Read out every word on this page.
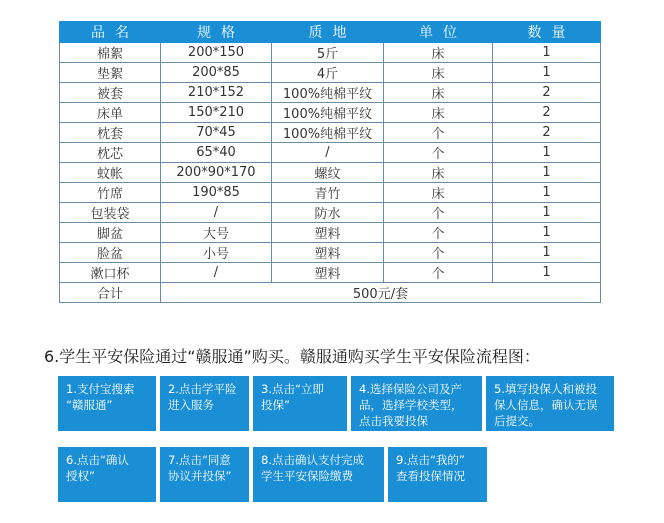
品名	规格	质地	单位	数量
棉絮	200*150	5斤	床	1
垫絮	200*85	4斤	床	1
被套	210*152	100%纯棉平纹	床	2
床单	150*210	100%纯棉平纹	床	2
枕套	70*45	100%纯棉平纹	个	2
枕芯	65*40	/	个	1
蚊帐	200*90*170	螺纹	床	1
竹席	190*85	青竹	床	1
包装袋	/	防水	个	1
脚盆	大号	塑料	个	1
脸盆	小号	塑料	个	1
漱口杯	/	塑料	个	1
合计	500元/套			
6.学生平安保险通过“赣服通”购买。赣服通购买学生平安保险流程图：
1.支付宝搜索
“赣服通”
2.点击学平险
进入服务
3.点击“立即
投保”
4.选择保险公司及产
品，选择学校类型，
点击我要投保
5.填写投保人和被投
保人信息，确认无误
后提交。
6.点击“确认
授权”
7.点击“同意
协议并投保”
8.点击确认支付完成
学生平安保险缴费
9.点击“我的”
查看投保情况
